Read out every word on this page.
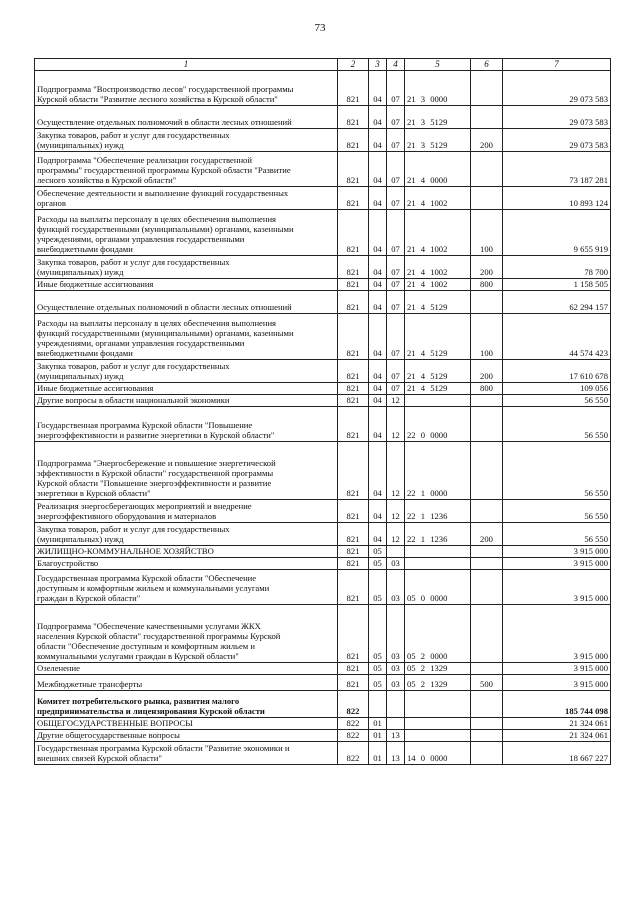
73
1	2	3	4	5	6	7
Подпрограмма "Воспроизводство лесов" государственной программы
Курской области "Развитие лесного хозяйства в Курской области"	821	04	07	21 3 0000		29 073 583
Осуществление отдельных полномочий в области лесных отношений	821	04	07	21 3 5129		29 073 583
Закупка товаров, работ и услуг для государственных
(муниципальных) нужд	821	04	07	21 3 5129	200	29 073 583
Подпрограмма "Обеспечение реализации государственной
программы" государственной программы Курской области "Развитие
лесного хозяйства в Курской области"	821	04	07	21 4 0000		73 187 281
Обеспечение деятельности и выполнение функций государственных
органов	821	04	07	21 4 1002		10 893 124
Расходы на выплаты персоналу в целях обеспечения выполнения
функций государственными (муниципальными) органами, казенными
учреждениями, органами управления государственными
внебюджетными фондами	821	04	07	21 4 1002	100	9 655 919
Закупка товаров, работ и услуг для государственных
(муниципальных) нужд	821	04	07	21 4 1002	200	78 700
Иные бюджетные ассигнования	821	04	07	21 4 1002	800	1 158 505
Осуществление отдельных полномочий в области лесных отношений	821	04	07	21 4 5129		62 294 157
Расходы на выплаты персоналу в целях обеспечения выполнения
функций государственными (муниципальными) органами, казенными
учреждениями, органами управления государственными
внебюджетными фондами	821	04	07	21 4 5129	100	44 574 423
Закупка товаров, работ и услуг для государственных
(муниципальных) нужд	821	04	07	21 4 5129	200	17 610 678
Иные бюджетные ассигнования	821	04	07	21 4 5129	800	109 056
Другие вопросы в области национальной экономики	821	04	12			56 550
Государственная программа Курской области "Повышение
энергоэффективности и развитие энергетики в Курской области"	821	04	12	22 0 0000		56 550
Подпрограмма "Энергосбережение и повышение энергетической
эффективности в Курской области" государственной программы
Курской области "Повышение энергоэффективности и развитие
энергетики в Курской области"	821	04	12	22 1 0000		56 550
Реализация энергосберегающих мероприятий и внедрение
энергоэффективного оборудования и материалов	821	04	12	22 1 1236		56 550
Закупка товаров, работ и услуг для государственных
(муниципальных) нужд	821	04	12	22 1 1236	200	56 550
ЖИЛИЩНО-КОММУНАЛЬНОЕ ХОЗЯЙСТВО	821	05				3 915 000
Благоустройство	821	05	03			3 915 000
Государственная программа Курской области "Обеспечение
доступным и комфортным жильем и коммунальными услугами
граждан в Курской области"	821	05	03	05 0 0000		3 915 000
Подпрограмма "Обеспечение качественными услугами ЖКХ
населения Курской области" государственной программы Курской
области "Обеспечение доступным и комфортным жильем и
коммунальными услугами граждан в Курской области"	821	05	03	05 2 0000		3 915 000
Озеленение	821	05	03	05 2 1329		3 915 000
Межбюджетные трансферты	821	05	03	05 2 1329	500	3 915 000
Комитет потребительского рынка, развития малого
предпринимательства и лицензирования Курской области	822					185 744 098
ОБЩЕГОСУДАРСТВЕННЫЕ ВОПРОСЫ	822	01				21 324 061
Другие общегосударственные вопросы	822	01	13			21 324 061
Государственная программа Курской области "Развитие экономики и
внешних связей Курской области"	822	01	13	14 0 0000		18 667 227
